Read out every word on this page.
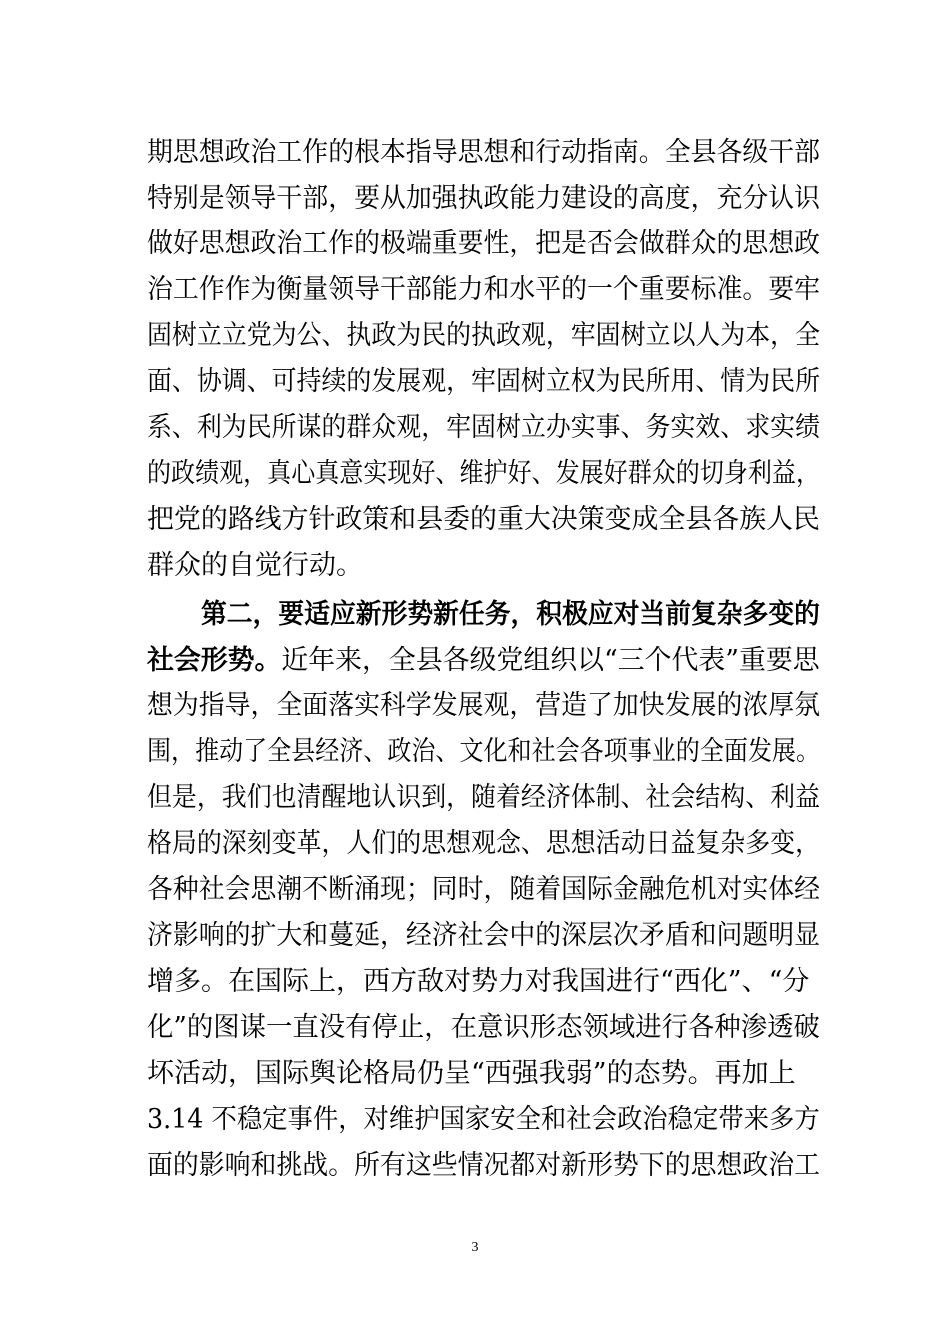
期思想政治工作的根本指导思想和行动指南。全县各级干部
特别是领导干部，要从加强执政能力建设的高度，充分认识
做好思想政治工作的极端重要性，把是否会做群众的思想政
治工作作为衡量领导干部能力和水平的一个重要标准。要牢
固树立立党为公、执政为民的执政观，牢固树立以人为本，全
面、协调、可持续的发展观，牢固树立权为民所用、情为民所
系、利为民所谋的群众观，牢固树立办实事、务实效、求实绩
的政绩观，真心真意实现好、维护好、发展好群众的切身利益，
把党的路线方针政策和县委的重大决策变成全县各族人民
群众的自觉行动。
第二，要适应新形势新任务，积极应对当前复杂多变的
社会形势。近年来，全县各级党组织以“三个代表”重要思
想为指导，全面落实科学发展观，营造了加快发展的浓厚氛
围，推动了全县经济、政治、文化和社会各项事业的全面发展。
但是，我们也清醒地认识到，随着经济体制、社会结构、利益
格局的深刻变革，人们的思想观念、思想活动日益复杂多变，
各种社会思潮不断涌现；同时，随着国际金融危机对实体经
济影响的扩大和蔓延，经济社会中的深层次矛盾和问题明显
增多。在国际上，西方敌对势力对我国进行“西化”、“分
化”的图谋一直没有停止，在意识形态领域进行各种渗透破
坏活动，国际舆论格局仍呈“西强我弱”的态势。再加上
3.14 不稳定事件，对维护国家安全和社会政治稳定带来多方
面的影响和挑战。所有这些情况都对新形势下的思想政治工
3
